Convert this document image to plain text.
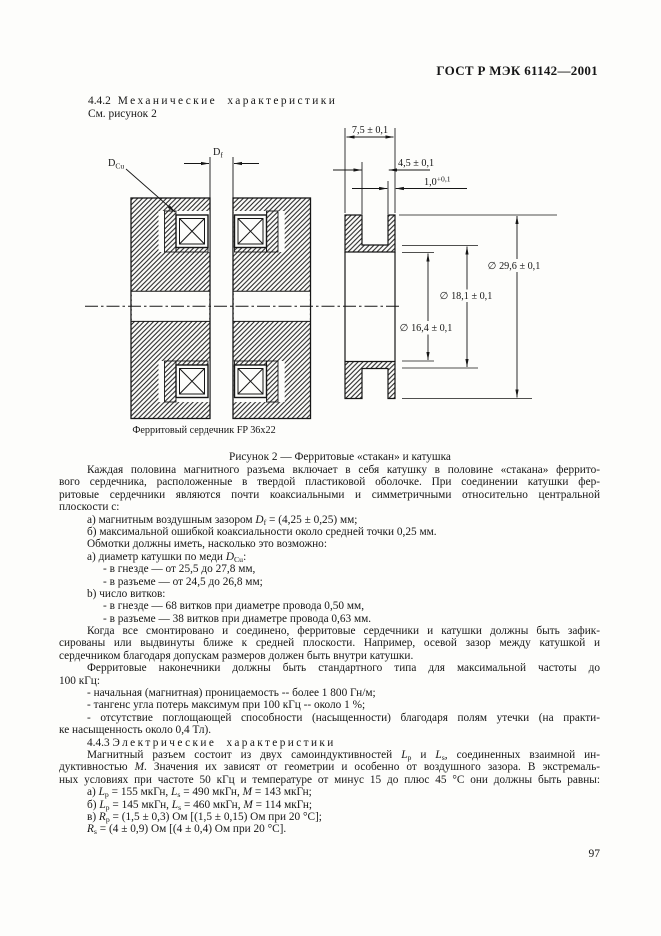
ГОСТ Р МЭК 61142—2001
4.4.2 Механические характеристики
См. рисунок 2
$D_{Cu}$
$D_f$
Ферритовый сердечник FP 36х22
7,5 ± 0,1
4,5 ± 0,1
$1,0^{+0,1}$
∅ 29,6 ± 0,1
∅ 18,1 ± 0,1
∅ 16,4 ± 0,1
Рисунок 2 — Ферритовые «стакан» и катушка
Каждая половина магнитного разъема включает в себя катушку в половине «стакана» феррито-
вого сердечника, расположенные в твердой пластиковой оболочке. При соединении катушки фер-
ритовые сердечники являются почти коаксиальными и симметричными относительно центральной
плоскости с:
а) магнитным воздушным зазором Df = (4,25 ± 0,25) мм;
б) максимальной ошибкой коаксиальности около средней точки 0,25 мм.
Обмотки должны иметь, насколько это возможно:
а) диаметр катушки по меди DCu:
- в гнезде — от 25,5 до 27,8 мм,
- в разъеме — от 24,5 до 26,8 мм;
b) число витков:
- в гнезде — 68 витков при диаметре провода 0,50 мм,
- в разъеме — 38 витков при диаметре провода 0,63 мм.
Когда все смонтировано и соединено, ферритовые сердечники и катушки должны быть зафик-
сированы или выдвинуты ближе к средней плоскости. Например, осевой зазор между катушкой и
сердечником благодаря допускам размеров должен быть внутри катушки.
Ферритовые наконечники должны быть стандартного типа для максимальной частоты до
100 кГц:
- начальная (магнитная) проницаемость -- более 1 800 Гн/м;
- тангенс угла потерь максимум при 100 кГц -- около 1 %;
- отсутствие поглощающей способности (насыщенности) благодаря полям утечки (на практи-
ке насыщенность около 0,4 Тл).
4.4.3 Электрические характеристики
Магнитный разъем состоит из двух самоиндуктивностей Lp и Ls, соединенных взаимной ин-
дуктивностью M. Значения их зависят от геометрии и особенно от воздушного зазора. В экстремаль-
ных условиях при частоте 50 кГц и температуре от минус 15 до плюс 45 °С они должны быть равны:
а) Lp = 155 мкГн, Ls = 490 мкГн, M = 143 мкГн;
б) Lp = 145 мкГн, Ls = 460 мкГн, M = 114 мкГн;
в) Rp = (1,5 ± 0,3) Ом [(1,5 ± 0,15) Ом при 20 °С];
Rs = (4 ± 0,9) Ом [(4 ± 0,4) Ом при 20 °С].
97
